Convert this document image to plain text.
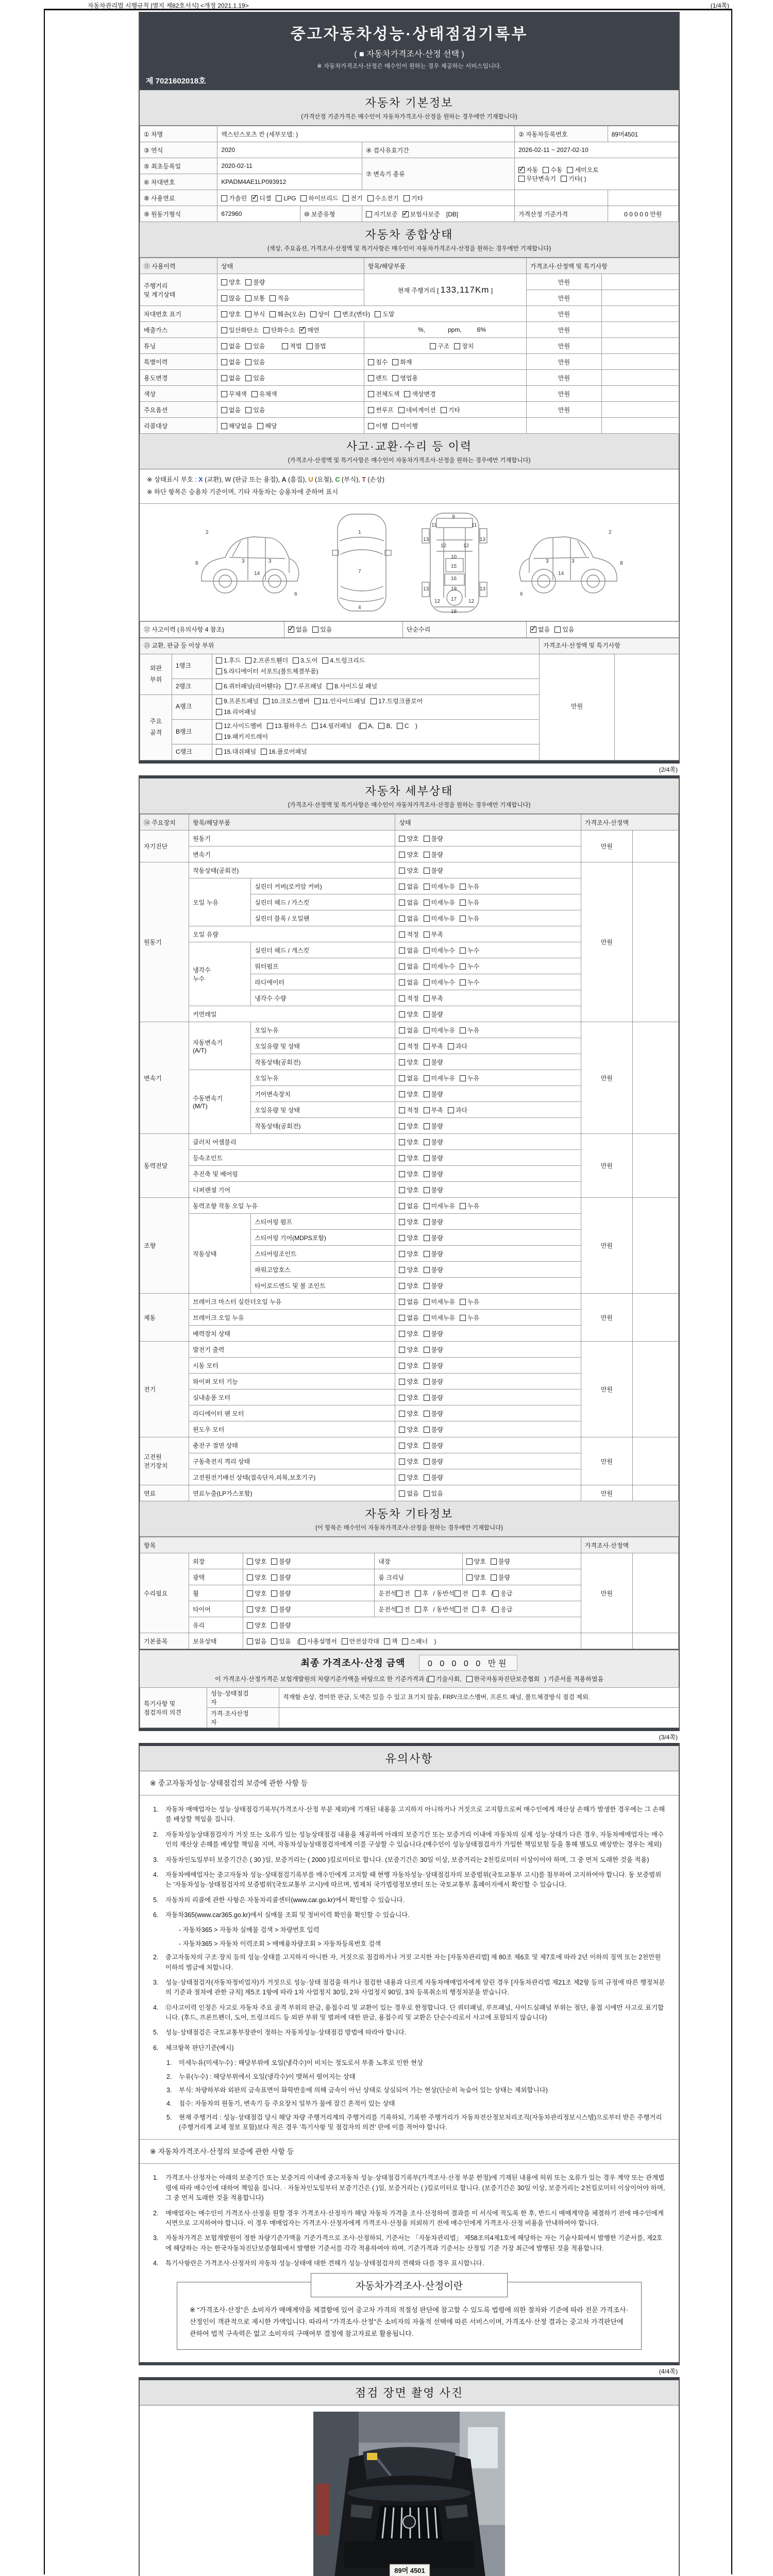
자동차관리법 시행규칙 [별지 제82호서식] <개정 2021.1.19>	(1/4쪽)
중고자동차성능·상태점검기록부
( ■ 자동차가격조사·산정 선택 )
※ 자동차가격조사·산정은 매수인이 원하는 경우 제공하는 서비스입니다.
제 7021602018호
자동차 기본정보
(가격산정 기준가격은 매수인이 자동차가격조사·산정을 원하는 경우에만 기재합니다)
① 차명	렉스턴스포츠 칸 (세부모델: )			② 자동차등록번호	89머4501
③ 연식	2020		④ 검사유효기간	2026-02-11 ~ 2027-02-10	
⑤ 최초등록일	2020-02-11		⑦ 변속기 종류	✓자동 수동 세미오토
무단변속기 기타( )
⑥ 차대번호	KPADM4AE1LP093912				
⑧ 사용연료	가솔린 ✓ 디젤 LPG 하이브리드 전기 수소전기 기타		
⑨ 원동기형식	672960	⑩ 보증유형	자기보증 ✓ 보험사보증 [DB]	가격산정 기준가격	0 0 0 0 0 만원
자동차 종합상태
(색상, 주요옵션, 가격조사·산정액 및 특기사항은 매수인이 자동차가격조사·산정을 원하는 경우에만 기재합니다)
⑪ 사용이력	상태	항목/해당부품	가격조사·산정액 및 특기사항	
주행거리
및 계기상태	양호 불량	현재 주행거리 [ 133,117Km ]	만원	
	많음 보통 적음		만원	
차대번호 표기	양호 부식 훼손(오손) 상이 변조(변타) 도말		만원	
배출가스	일산화탄소 탄화수소 ✓ 매연	%, ppm, 6%	만원	
튜닝	없음 있음 적법 불법	구조 장치	만원	
특별이력	없음 있음	침수 화재	만원	
용도변경	없음 있음	렌트 영업용	만원	
색상	무채색 유채색	전체도색 색상변경	만원	
주요옵션	없음 있음	썬루프 네비게이션 기타	만원	
리콜대상	해당없음 해당	이행 미이행		
사고·교환·수리 등 이력
(가격조사·산정액 및 특기사항은 매수인이 자동차가격조사·산정을 원하는 경우에만 기재합니다)
※ 상태표시 부호 : X (교환), W (판금 또는 용접), A (흠집), U (요철), C (부식), T (손상)
※ 하단 항목은 승용차 기준이며, 기타 자동차는 승용차에 준하여 표시
2
8	3
14
3
6
1
7
4
9
11	11
13	13
12	12
10
15
16
13	19	13
12 17 12
18
2
8
3
14
3
6
⑫ 사고이력 (유의사항 4 참조)	✓없음 있음	단순수리	✓없음 있음
⑬ 교환, 판금 등 이상 부위			가격조사·산정액 및 특기사항	
외판
부위	1랭크	1.후드 2.프론트휀더 3.도어 4.트렁크리드
5.라디에이터 서포트(볼트체결부품)	만원	
	2랭크	6.쿼터패널(리어휀다) 7.루프패널 8.사이드실 패널		
주요
골격	A랭크	9.프론트패널 10.크로스멤버 11.인사이드패널 17.트렁크플로어
18.리어패널		
	B랭크	12.사이드멤버 13.휠하우스 14.필러패널 ( A, B, C )
19.패키지트레이		
	C랭크	15.대쉬패널 16.플로어패널		
(2/4쪽)
자동차 세부상태
(가격조사·산정액 및 특기사항은 매수인이 자동차가격조사·산정을 원하는 경우에만 기재합니다)
⑭ 주요장치	항목/해당부품		상태	가격조사·산정액	
자기진단	원동기		양호 불량	만원	
	변속기		양호 불량		
원동기	작동상태(공회전)		양호 불량	만원	
	오일 누유	실린더 커버(로커암 커버)	없음 미세누유 누유		
		실린더 헤드 / 가스킷	없음 미세누유 누유		
		실린더 블록 / 오일팬	없음 미세누유 누유		
	오일 유량		적정 부족		
	냉각수
누수	실린더 헤드 / 개스킷	없음 미세누수 누수		
		워터펌프	없음 미세누수 누수		
		라디에이터	없음 미세누수 누수		
		냉각수 수량	적정 부족		
	커먼레일		양호 불량		
변속기	자동변속기
(A/T)	오일누유	없음 미세누유 누유	만원	
		오일유량 및 상태	적정 부족 과다		
		작동상태(공회전)	양호 불량		
	수동변속기
(M/T)	오일누유	없음 미세누유 누유		
		기어변속장치	양호 불량		
		오일유량 및 상태	적정 부족 과다		
		작동상태(공회전)	양호 불량		
동력전달	클러치 어셈블리		양호 불량	만원	
	등속조인트		양호 불량		
	추진축 및 베어링		양호 불량		
	디퍼렌셜 기어		양호 불량		
조향	동력조향 작동 오일 누유		없음 미세누유 누유	만원	
	작동상태	스티어링 펌프	양호 불량		
		스티어링 기어(MDPS포함)	양호 불량		
		스티어링조인트	양호 불량		
		파워고압호스	양호 불량		
		타이로드엔드 및 볼 조인트	양호 불량		
제동	브레이크 마스터 실린더오일 누유		없음 미세누유 누유	만원	
	브레이크 오일 누유		없음 미세누유 누유		
	배력장치 상태		양호 불량		
전기	발전기 출력		양호 불량	만원	
	시동 모터		양호 불량		
	와이퍼 모터 기능		양호 불량		
	실내송풍 모터		양호 불량		
	라디에이터 팬 모터		양호 불량		
	윈도우 모터		양호 불량		
고전원
전기장치	충전구 절연 상태		양호 불량	만원	
	구동축전지 격리 상태		양호 불량		
	고전원전기배선 상태(접속단자,피복,보호기구)		양호 불량		
연료	연료누출(LP가스포함)		없음 있음	만원	
자동차 기타정보
(이 항목은 매수인이 자동차가격조사·산정을 원하는 경우에만 기재합니다)
항목					가격조사·산정액	
수리필요	외장	양호 불량	내장	양호 불량	만원	
	광택	양호 불량	룸 크리닝	양호 불량		
	휠	양호 불량	운전석 전 후 / 동반석 전 후 / 응급			
	타이어	양호 불량	운전석 전 후 / 동반석 전 후 / 응급			
	유리	양호 불량				
기본품목	보유상태	없음 있음 ( 사용설명서 안전삼각대 잭 스패너 )				
최종 가격조사·산정 금액	0 0 0 0 0 만원
이 가격조사·산정가격은 보험개발원의 차량기준가액을 바탕으로 한 기준가격과 ( 기술사회, 한국자동차진단보증협회 ) 기준서를 적용하였음
특기사항 및
점검자의 의견	성능·상태점검
자	적재함 손상, 경미한 판금, 도색은 있을 수 있고 표기치 않음, FRP/크로스멤버, 프론트 패널, 볼트체결방식 점검 제외.
	가격·조사산정
자	
(3/4쪽)
유의사항
※ 중고자동차성능·상태점검의 보증에 관한 사항 등
1.	자동차 매매업자는 성능·상태점검기록부(가격조사·산정 부분 제외)에 기재된 내용을 고지하지 아니하거나 거짓으로 고지함으로써 매수인에게 재산상 손해가 발생한 경우에는 그 손해를 배상할 책임을 집니다.
2.	자동차성능상태점검자가 거짓 또는 오류가 있는 성능상태점검 내용을 제공하여 아래의 보증기간 또는 보증거리 이내에 자동차의 실제 성능·상태가 다른 경우, 자동차매매업자는 매수인의 재산상 손해를 배상할 책임을 지며, 자동차성능상태점검자에게 이를 구상할 수 있습니다.(매수인이 성능상태점검자가 가입한 책임보험 등을 통해 별도로 배상받는 경우는 제외)
3.	자동차인도일부터 보증기간은 ( 30 )일, 보증거리는 ( 2000 )킬로미터로 합니다. (보증기간은 30일 이상, 보증거리는 2천킬로미터 이상이어야 하며, 그 중 먼저 도래한 것을 적용)
4.	자동차매매업자는 중고자동차 성능·상태점검기록부를 매수인에게 고지할 때 현행 자동차성능·상태점검자의 보증범위(국토교통부 고시)를 첨부하여 고지하여야 합니다. 동 보증범위는 '자동차성능·상태점검자의 보증범위'(국토교통부 고시)에 따르며, 법제처 국가법령정보센터 또는 국토교통부 홈페이지에서 확인할 수 있습니다.
5.	자동차의 리콜에 관한 사항은 자동차리콜센터(www.car.go.kr)에서 확인할 수 있습니다.
6.	자동차365(www.car365.go.kr)에서 실매물 조회 및 정비이력 확인을 확인할 수 있습니다.
- 자동차365 > 자동차 실매물 검색 > 차량번호 입력
- 자동차365 > 자동차 이력조회 > 매매용차량조회 > 자동차등록번호 검색
2.	중고자동차의 구조·장치 등의 성능·상태를 고지하지 아니한 자, 거짓으로 점검하거나 거짓 고지한 자는 [자동차관리법] 제 80조 제6호 및 제7호에 따라 2년 이하의 징역 또는 2천만원 이하의 벌금에 처합니다.
3.	성능·상태점검자(자동차정비업자)가 거짓으로 성능·상태 점검을 하거나 점검한 내용과 다르게 자동차매매업자에게 알린 경우 [자동차관리법 제21조 제2항 등의 규정에 따른 행정처분의 기준과 절차에 관한 규칙] 제5조 1항에 따라 1차 사업정지 30일, 2차 사업정지 90일, 3차 등록취소의 행정처분을 받습니다.
4.	⑫사고이력 인정은 사고로 자동차 주요 골격 부위의 판금, 용접수리 및 교환이 있는 경우로 한정합니다. 단 쿼터패널, 루프패널, 사이드실패널 부위는 절단, 용접 시에만 사고로 표기합니다. (후드, 프론트펜더, 도어, 트렁크리드 등 외판 부위 및 범퍼에 대한 판금, 용접수리 및 교환은 단순수리로서 사고에 포함되지 않습니다)
5.	성능·상태점검은 국토교통부장관이 정하는 자동차성능·상태점검 방법에 따라야 합니다.
6.	체크항목 판단기준(예시)
1.	미세누유(미세누수) : 해당부위에 오일(냉각수)이 비치는 정도로서 부품 노후로 인한 현상
2.	누유(누수) : 해당부위에서 오일(냉각수)이 맺혀서 떨어지는 상태
3.	부식: 차량하부와 외판의 금속표면이 화학반응에 의해 금속이 아닌 상태로 상실되어 가는 현상(단순히 녹슬어 있는 상태는 제외합니다)
4.	침수: 자동차의 원동기, 변속기 등 주요장치 일부가 물에 잠긴 흔적이 있는 상태
5.	현재 주행거리 : 성능·상태점검 당시 해당 차량 주행거리계의 주행거리를 기록하되, 기록한 주행거리가 자동차전산정보처리조직(자동차관리정보시스템)으로부터 받은 주행거리(주행거리계 교체 정보 포함)보다 적은 경우 '특기사항 및 점검자의 의견' 란에 이를 적어야 합니다.
※ 자동차가격조사·산정의 보증에 관한 사항 등
1.	가격조사·산정자는 아래의 보증기간 또는 보증거리 이내에 중고자동차 성능·상태점검기록부(가격조사·산정 부분 한정)에 기재된 내용에 허위 또는 오류가 있는 경우 계약 또는 관계법령에 따라 매수인에 대하여 책임을 집니다. · 자동차인도일부터 보증기간은 ( )일, 보증거리는 ( )킬로미터로 합니다. (보증기간은 30일 이상, 보증거리는 2천킬로미터 이상이어야 하며, 그 중 먼저 도래한 것을 적용합니다)
2.	매매업자는 매수인이 가격조사·산정을 원할 경우 가격조사·산정자가 해당 자동차 가격을 조사·산정하여 결과를 이 서식에 적도록 한 후, 반드시 매매계약을 체결하기 전에 매수인에게 서면으로 고지하여야 합니다. 이 경우 매매업자는 가격조사·산정자에게 가격조사·산정을 의뢰하기 전에 매수인에게 가격조사·산정 비용을 안내하여야 합니다.
3.	자동차가격은 보험개발원이 정한 차량기준가액을 기준가격으로 조사·산정하되, 기준서는 「자동차관리법」 제58조의4제1호에 해당하는 자는 기술사회에서 발행한 기준서를, 제2호에 해당하는 자는 한국자동차진단보증협회에서 발행한 기준서를 각각 적용하여야 하며, 기준가격과 기준서는 산정일 기준 가장 최근에 발행된 것을 적용합니다.
4.	특기사항란은 가격조사·산정자의 자동차 성능·상태에 대한 견해가 성능·상태점검자의 견해와 다를 경우 표시합니다.
자동차가격조사·산정이란
※ "가격조사·산정"은 소비자가 매매계약을 체결함에 있어 중고차 가격의 적절성 판단에 참고할 수 있도록 법령에 의한 절차와 기준에 따라 전문 가격조사·산정인이 객관적으로 제시한 가액입니다. 따라서 "가격조사·산정"은 소비자의 자율적 선택에 따른 서비스이며, 가격조사·산정 결과는 중고차 가격판단에 관하여 법적 구속력은 없고 소비자의 구매여부 결정에 참고자료로 활용됩니다.
(4/4쪽)
점검 장면 촬영 사진
89머 4501
